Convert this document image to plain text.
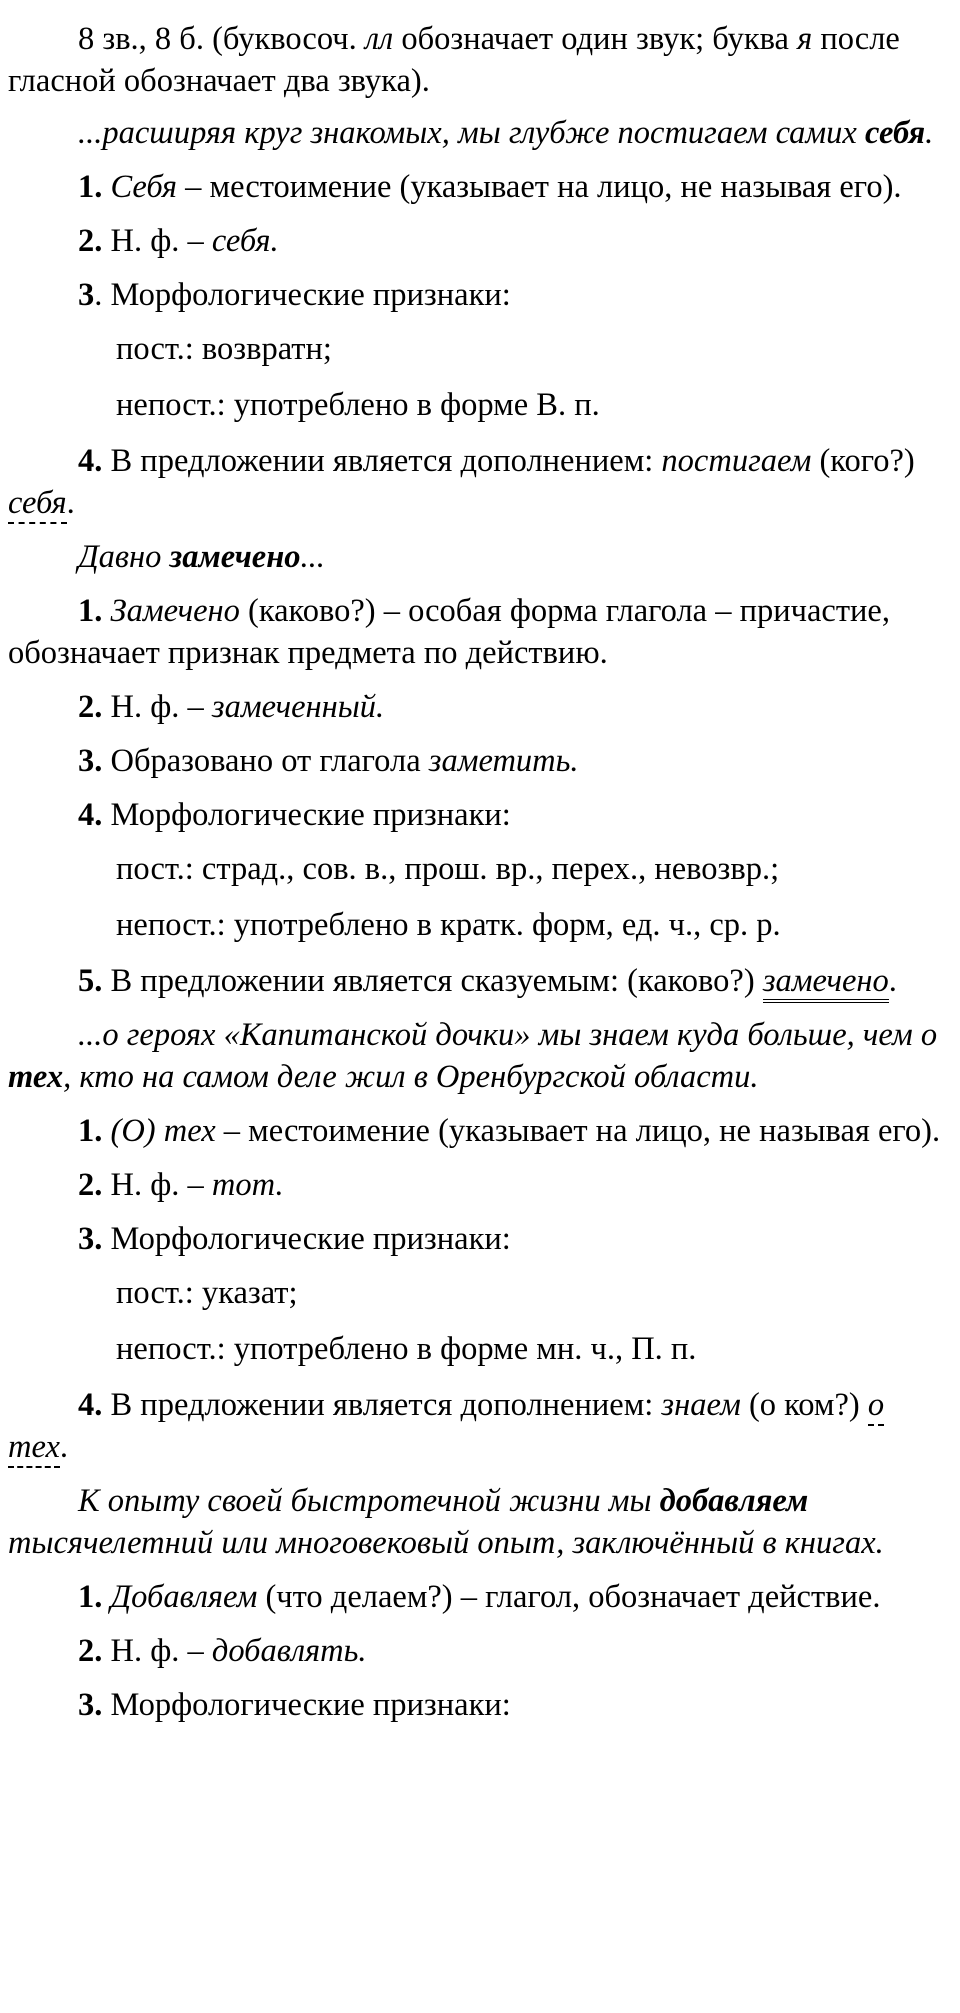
8 зв., 8 б. (буквосоч. лл обозначает один звук; буква я после гласной обозначает два звука).

...расширяя круг знакомых, мы глубже постигаем самих себя.

1. Себя – местоимение (указывает на лицо, не называя его).

2. Н. ф. – себя.

3. Морфологические признаки:

пост.: возвратн;

непост.: употреблено в форме В. п.

4. В предложении является дополнением: постигаем (кого?) себя.

Давно замечено...

1. Замечено (каково?) – особая форма глагола – причастие, обозначает признак предмета по действию.

2. Н. ф. – замеченный.

3. Образовано от глагола заметить.

4. Морфологические признаки:

пост.: страд., сов. в., прош. вр., перех., невозвр.;

непост.: употреблено в кратк. форм, ед. ч., ср. р.

5. В предложении является сказуемым: (каково?) замечено.

...о героях «Капитанской дочки» мы знаем куда больше, чем о тех, кто на самом деле жил в Оренбургской области.

1. (О) тех – местоимение (указывает на лицо, не называя его).

2. Н. ф. – тот.

3. Морфологические признаки:

пост.: указат;

непост.: употреблено в форме мн. ч., П. п.

4. В предложении является дополнением: знаем (о ком?) о тех.

К опыту своей быстротечной жизни мы добавляем тысячелетний или многовековый опыт, заключённый в книгах.

1. Добавляем (что делаем?) – глагол, обозначает действие.

2. Н. ф. – добавлять.

3. Морфологические признаки:
